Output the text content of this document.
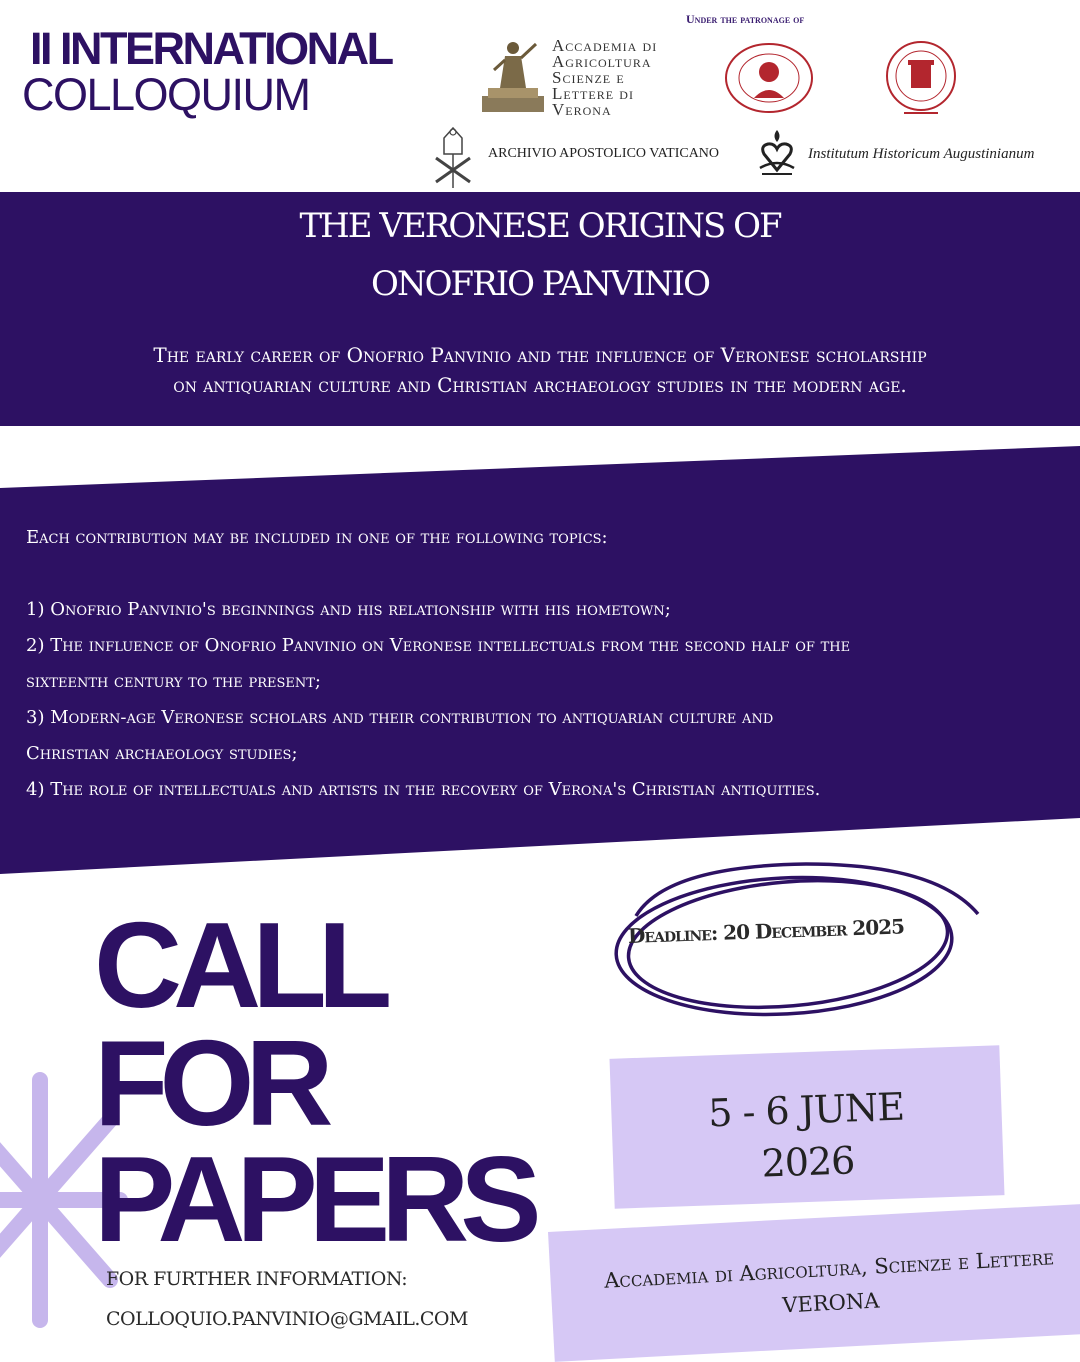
II INTERNATIONAL
COLLOQUIUM
Under the patronage of
Accademia di
Agricoltura
Scienze e
Lettere di
Verona
ARCHIVIO APOSTOLICO VATICANO	Institutum Historicum Augustinianum
THE VERONESE ORIGINS OF
ONOFRIO PANVINIO
The early career of Onofrio Panvinio and the influence of Veronese scholarship
on antiquarian culture and Christian archaeology studies in the modern age.

Each contribution may be included in one of the following topics:

1) Onofrio Panvinio's beginnings and his relationship with his hometown;

2) The influence of Onofrio Panvinio on Veronese intellectuals from the second half of the

sixteenth century to the present;

3) Modern-age Veronese scholars and their contribution to antiquarian culture and

Christian archaeology studies;

4) The role of intellectuals and artists in the recovery of Verona's Christian antiquities.

CALL
FOR
PAPERS
Deadline: 20 December 2025
5 - 6 JUNE
2026
Accademia di Agricoltura, Scienze e Lettere
VERONA
FOR FURTHER INFORMATION:
COLLOQUIO.PANVINIO@GMAIL.COM
